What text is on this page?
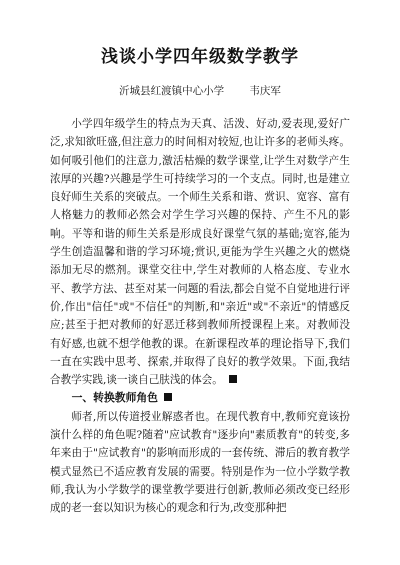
浅谈小学四年级数学教学
沂城县红渡镇中心小学 韦庆军

小学四年级学生的特点为天真、活泼、好动,爱表现,爱好广泛,求知欲旺盛,但注意力的时间相对较短,也让许多的老师头疼。如何吸引他们的注意力,激活枯燥的数学课堂,让学生对数学产生浓厚的兴趣?兴趣是学生可持续学习的一个支点。同时,也是建立良好师生关系的突破点。一个师生关系和谐、赏识、宽容、富有人格魅力的教师必然会对学生学习兴趣的保持、产生不凡的影响。平等和谐的师生关系是形成良好课堂气氛的基础;宽容,能为学生创造温馨和谐的学习环境;赏识,更能为学生兴趣之火的燃烧添加无尽的燃剂。课堂交往中,学生对教师的人格态度、专业水平、教学方法、甚至对某一问题的看法,都会自觉不自觉地进行评价,作出"信任"或"不信任"的判断,和"亲近"或"不亲近"的情感反应;甚至于把对教师的好恶迁移到教师所授课程上来。对教师没有好感,也就不想学他教的课。在新课程改革的理论指导下,我们一直在实践中思考、探索,并取得了良好的教学效果。下面,我结合教学实践,谈一谈自己肤浅的体会。

一、转换教师角色

师者,所以传道授业解惑者也。在现代教育中,教师究竟该扮演什么样的角色呢?随着"应试教育"逐步向"素质教育"的转变,多年来由于"应试教育"的影响而形成的一套传统、滞后的教育教学模式显然已不适应教育发展的需要。特别是作为一位小学数学教师,我认为小学数学的课堂教学要进行创新,教师必须改变已经形成的老一套以知识为核心的观念和行为,改变那种把
